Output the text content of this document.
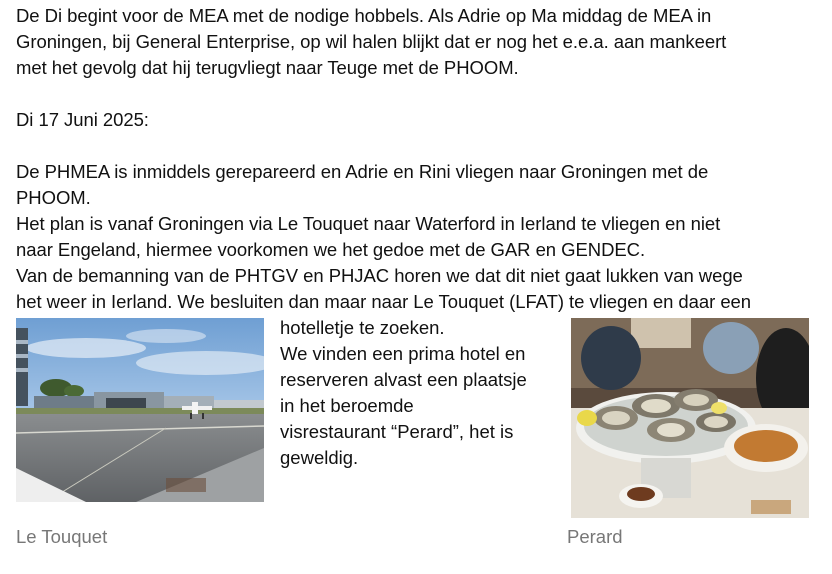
De Di begint voor de MEA met de nodige hobbels. Als Adrie op Ma middag de MEA in
Groningen, bij General Enterprise, op wil halen blijkt dat er nog het e.e.a. aan mankeert
met het gevolg dat hij terugvliegt naar Teuge met de PHOOM.
Di 17 Juni 2025:
De PHMEA is inmiddels gerepareerd en Adrie en Rini vliegen naar Groningen met de
PHOOM.
Het plan is vanaf Groningen via Le Touquet naar Waterford in Ierland te vliegen en niet
naar Engeland, hiermee voorkomen we het gedoe met de GAR en GENDEC.
Van de bemanning van de PHTGV en PHJAC horen we dat dit niet gaat lukken van wege
het weer in Ierland. We besluiten dan maar naar Le Touquet (LFAT) te vliegen en daar een
hotelletje te zoeken.
We vinden een prima hotel en
reserveren alvast een plaatsje
in het beroemde
visrestaurant “Perard”, het is
geweldig.
Le Touquet	Perard
